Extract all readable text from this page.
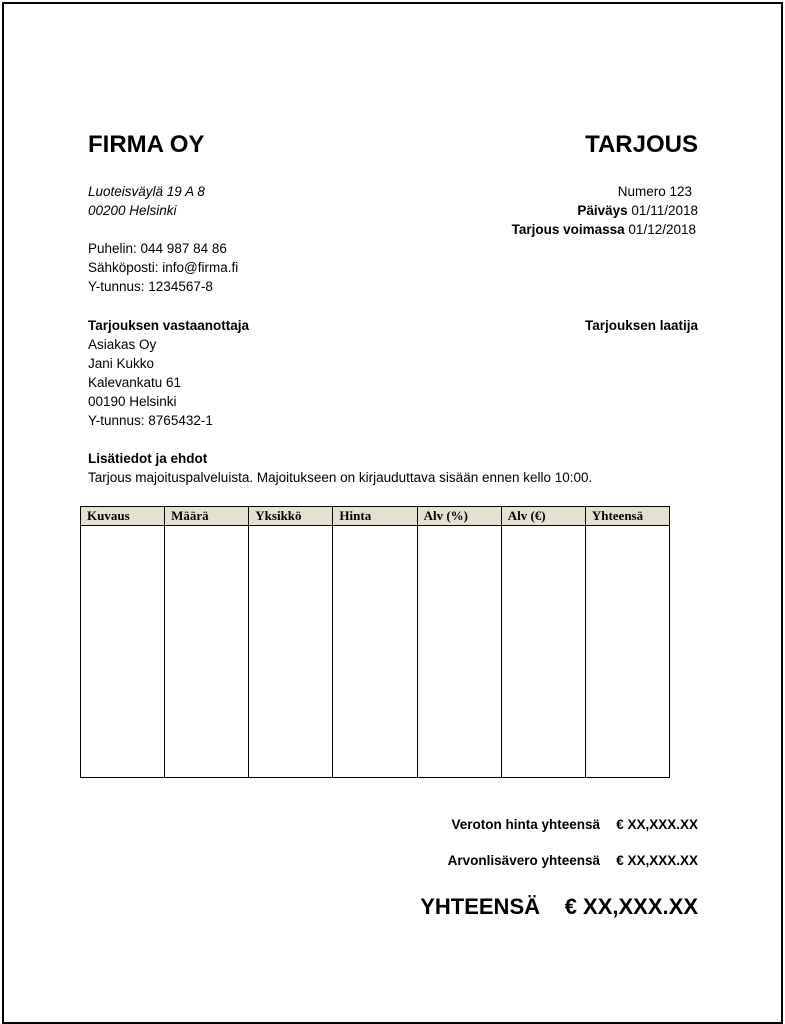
FIRMA OY	TARJOUS
Luoteisväylä 19 A 8
00200 Helsinki
Numero 123
Päiväys 01/11/2018
Tarjous voimassa 01/12/2018
Puhelin: 044 987 84 86
Sähköposti: info@firma.fi
Y-tunnus: 1234567-8
Tarjouksen vastaanottaja
Asiakas Oy
Jani Kukko
Kalevankatu 61
00190 Helsinki
Y-tunnus: 8765432-1
Tarjouksen laatija
Lisätiedot ja ehdot
Tarjous majoituspalveluista. Majoitukseen on kirjauduttava sisään ennen kello 10:00.
Kuvaus	Määrä	Yksikkö	Hinta	Alv (%)	Alv (€)	Yhteensä

Veroton hinta yhteensä € XX,XXX.XX
Arvonlisävero yhteensä € XX,XXX.XX
YHTEENSÄ € XX,XXX.XX
